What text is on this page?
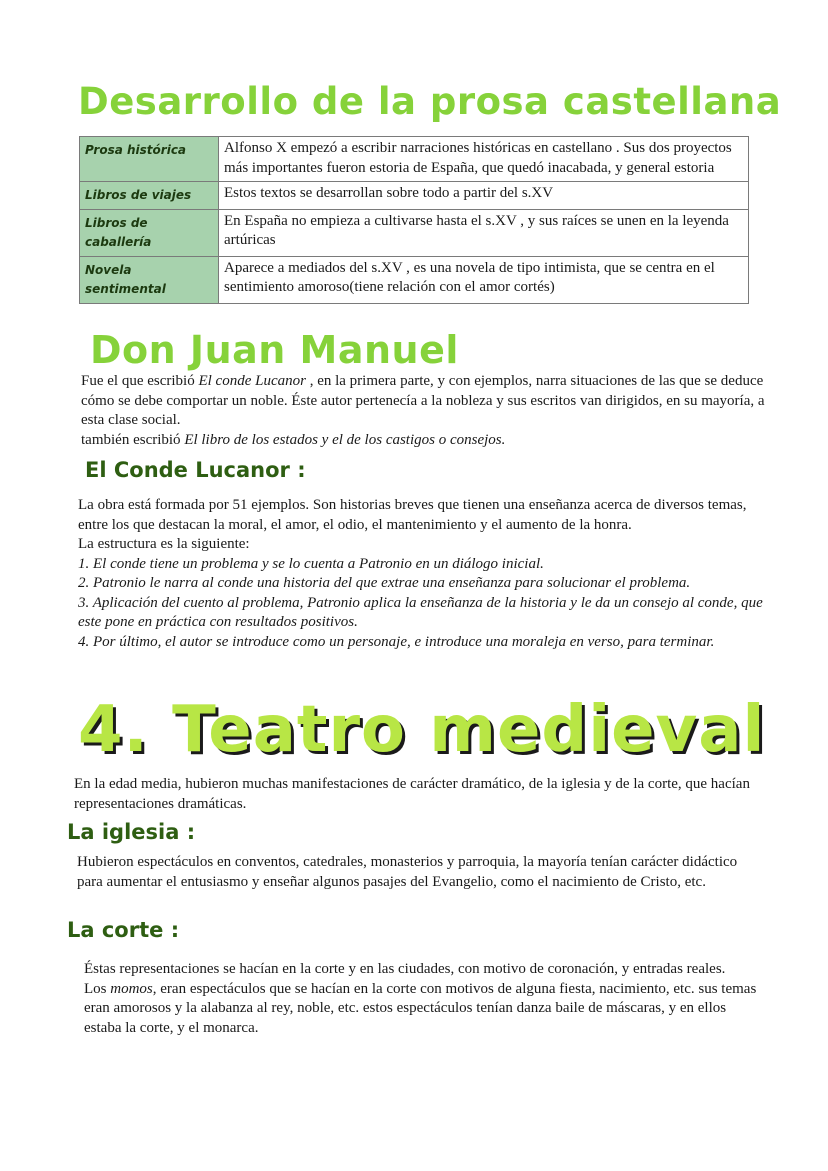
Desarrollo de la prosa castellana
Prosa histórica	Alfonso X empezó a escribir narraciones históricas en castellano . Sus dos proyectos más importantes fueron estoria de España, que quedó inacabada, y general estoria
Libros de viajes	Estos textos se desarrollan sobre todo a partir del s.XV
Libros de caballería	En España no empieza a cultivarse hasta el s.XV , y sus raíces se unen en la leyenda artúricas
Novela sentimental	Aparece a mediados del s.XV , es una novela de tipo intimista, que se centra en el sentimiento amoroso(tiene relación con el amor cortés)
Don Juan Manuel

Fue el que escribió El conde Lucanor , en la primera parte, y con ejemplos, narra situaciones de las que se deduce cómo se debe comportar un noble. Éste autor pertenecía a la nobleza y sus escritos van dirigidos, en su mayoría, a esta clase social.

también escribió El libro de los estados y el de los castigos o consejos.

El Conde Lucanor :

La obra está formada por 51 ejemplos. Son historias breves que tienen una enseñanza acerca de diversos temas, entre los que destacan la moral, el amor, el odio, el mantenimiento y el aumento de la honra.

La estructura es la siguiente:

1. El conde tiene un problema y se lo cuenta a Patronio en un diálogo inicial.

2. Patronio le narra al conde una historia del que extrae una enseñanza para solucionar el problema.

3. Aplicación del cuento al problema, Patronio aplica la enseñanza de la historia y le da un consejo al conde, que este pone en práctica con resultados positivos.

4. Por último, el autor se introduce como un personaje, e introduce una moraleja en verso, para terminar.

4. Teatro medieval
En la edad media, hubieron muchas manifestaciones de carácter dramático, de la iglesia y de la corte, que hacían representaciones dramáticas.
La iglesia :
Hubieron espectáculos en conventos, catedrales, monasterios y parroquia, la mayoría tenían carácter didáctico para aumentar el entusiasmo y enseñar algunos pasajes del Evangelio, como el nacimiento de Cristo, etc.
La corte :

Éstas representaciones se hacían en la corte y en las ciudades, con motivo de coronación, y entradas reales.

Los momos, eran espectáculos que se hacían en la corte con motivos de alguna fiesta, nacimiento, etc. sus temas eran amorosos y la alabanza al rey, noble, etc. estos espectáculos tenían danza baile de máscaras, y en ellos estaba la corte, y el monarca.
